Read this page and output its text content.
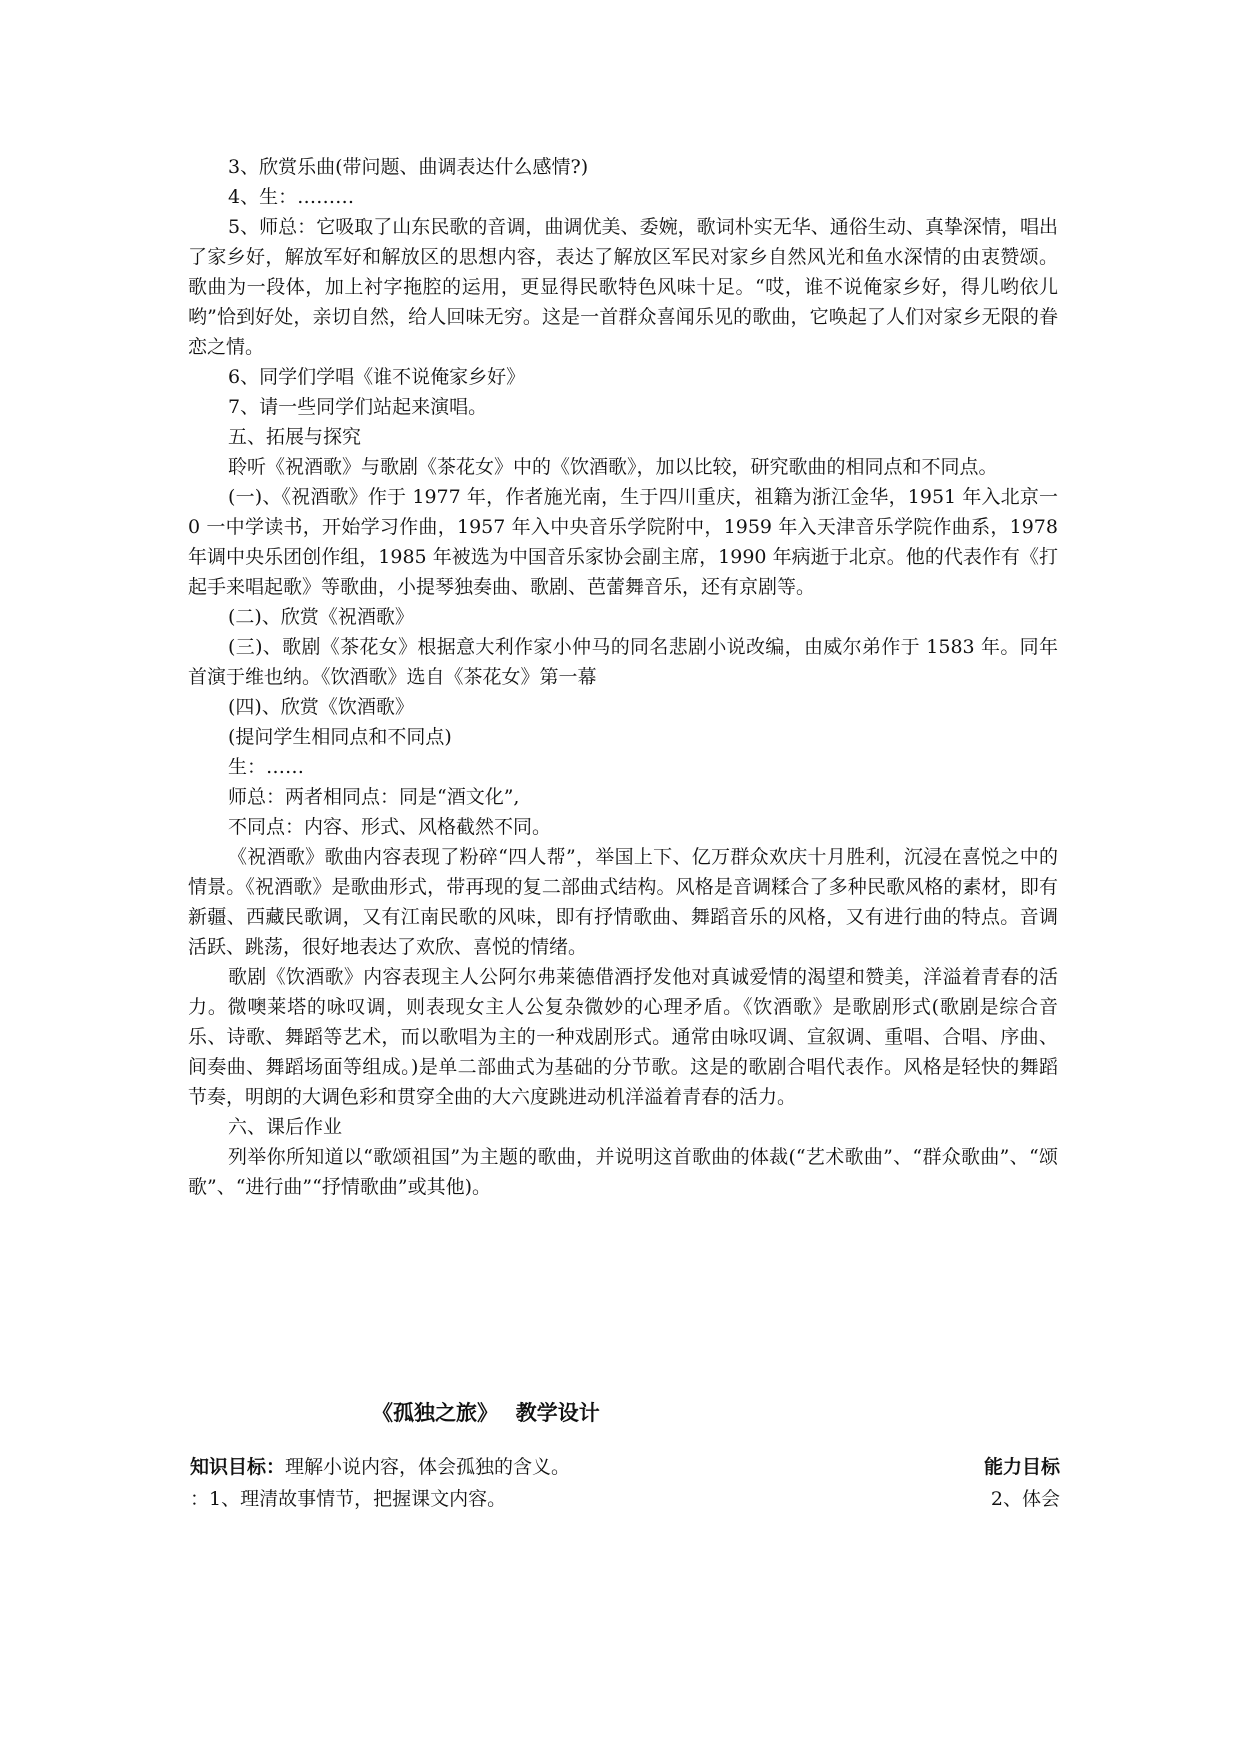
3、欣赏乐曲(带问题、曲调表达什么感情?)

4、生：………

5、师总：它吸取了山东民歌的音调，曲调优美、委婉，歌词朴实无华、通俗生动、真挚深情，唱出了家乡好，解放军好和解放区的思想内容，表达了解放区军民对家乡自然风光和鱼水深情的由衷赞颂。歌曲为一段体，加上衬字拖腔的运用，更显得民歌特色风味十足。“哎，谁不说俺家乡好，得儿哟依儿哟”恰到好处，亲切自然，给人回味无穷。这是一首群众喜闻乐见的歌曲，它唤起了人们对家乡无限的眷恋之情。

6、同学们学唱《谁不说俺家乡好》

7、请一些同学们站起来演唱。

五、拓展与探究

聆听《祝酒歌》与歌剧《茶花女》中的《饮酒歌》，加以比较，研究歌曲的相同点和不同点。

(一)、《祝酒歌》作于 1977 年，作者施光南，生于四川重庆，祖籍为浙江金华，1951 年入北京一 0 一中学读书，开始学习作曲，1957 年入中央音乐学院附中，1959 年入天津音乐学院作曲系，1978 年调中央乐团创作组，1985 年被选为中国音乐家协会副主席，1990 年病逝于北京。他的代表作有《打起手来唱起歌》等歌曲，小提琴独奏曲、歌剧、芭蕾舞音乐，还有京剧等。

(二)、欣赏《祝酒歌》

(三)、歌剧《茶花女》根据意大利作家小仲马的同名悲剧小说改编，由威尔弟作于 1583 年。同年首演于维也纳。《饮酒歌》选自《茶花女》第一幕

(四)、欣赏《饮酒歌》

(提问学生相同点和不同点)

生：……

师总：两者相同点：同是“酒文化”,

不同点：内容、形式、风格截然不同。

《祝酒歌》歌曲内容表现了粉碎“四人帮”，举国上下、亿万群众欢庆十月胜利，沉浸在喜悦之中的情景。《祝酒歌》是歌曲形式，带再现的复二部曲式结构。风格是音调糅合了多种民歌风格的素材，即有新疆、西藏民歌调，又有江南民歌的风味，即有抒情歌曲、舞蹈音乐的风格，又有进行曲的特点。音调活跃、跳荡，很好地表达了欢欣、喜悦的情绪。

歌剧《饮酒歌》内容表现主人公阿尔弗莱德借酒抒发他对真诚爱情的渴望和赞美，洋溢着青春的活力。微噢莱塔的咏叹调，则表现女主人公复杂微妙的心理矛盾。《饮酒歌》是歌剧形式(歌剧是综合音乐、诗歌、舞蹈等艺术，而以歌唱为主的一种戏剧形式。通常由咏叹调、宣叙调、重唱、合唱、序曲、间奏曲、舞蹈场面等组成。)是单二部曲式为基础的分节歌。这是的歌剧合唱代表作。风格是轻快的舞蹈节奏，明朗的大调色彩和贯穿全曲的大六度跳进动机洋溢着青春的活力。

六、课后作业

列举你所知道以“歌颂祖国”为主题的歌曲，并说明这首歌曲的体裁(“艺术歌曲”、“群众歌曲”、“颂歌”、“进行曲”“抒情歌曲”或其他)。

《孤独之旅》　 教学设计
知识目标：理解小说内容，体会孤独的含义。	能力目标
：1、理清故事情节，把握课文内容。	2、体会
